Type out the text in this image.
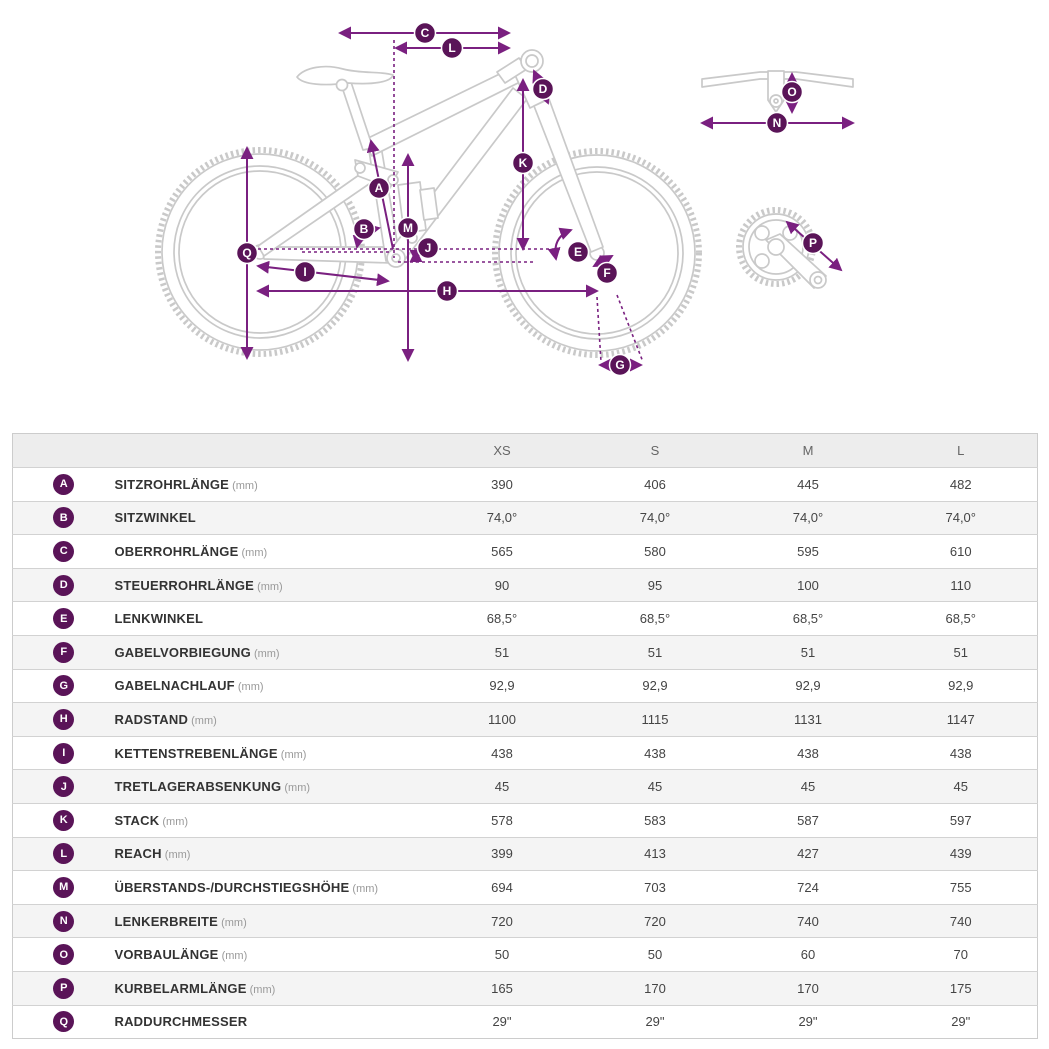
A
B
C
D
E
F
G
H
I
J
K
L
M
N
O
P
Q
		XS	S	M	L
A	SITZROHRLÄNGE (mm)	390	406	445	482
B	SITZWINKEL	74,0°	74,0°	74,0°	74,0°
C	OBERROHRLÄNGE (mm)	565	580	595	610
D	STEUERROHRLÄNGE (mm)	90	95	100	110
E	LENKWINKEL	68,5°	68,5°	68,5°	68,5°
F	GABELVORBIEGUNG (mm)	51	51	51	51
G	GABELNACHLAUF (mm)	92,9	92,9	92,9	92,9
H	RADSTAND (mm)	1100	1115	1131	1147
I	KETTENSTREBENLÄNGE (mm)	438	438	438	438
J	TRETLAGERABSENKUNG (mm)	45	45	45	45
K	STACK (mm)	578	583	587	597
L	REACH (mm)	399	413	427	439
M	ÜBERSTANDS-/DURCHSTIEGSHÖHE (mm)	694	703	724	755
N	LENKERBREITE (mm)	720	720	740	740
O	VORBAULÄNGE (mm)	50	50	60	70
P	KURBELARMLÄNGE (mm)	165	170	170	175
Q	RADDURCHMESSER	29"	29"	29"	29"
